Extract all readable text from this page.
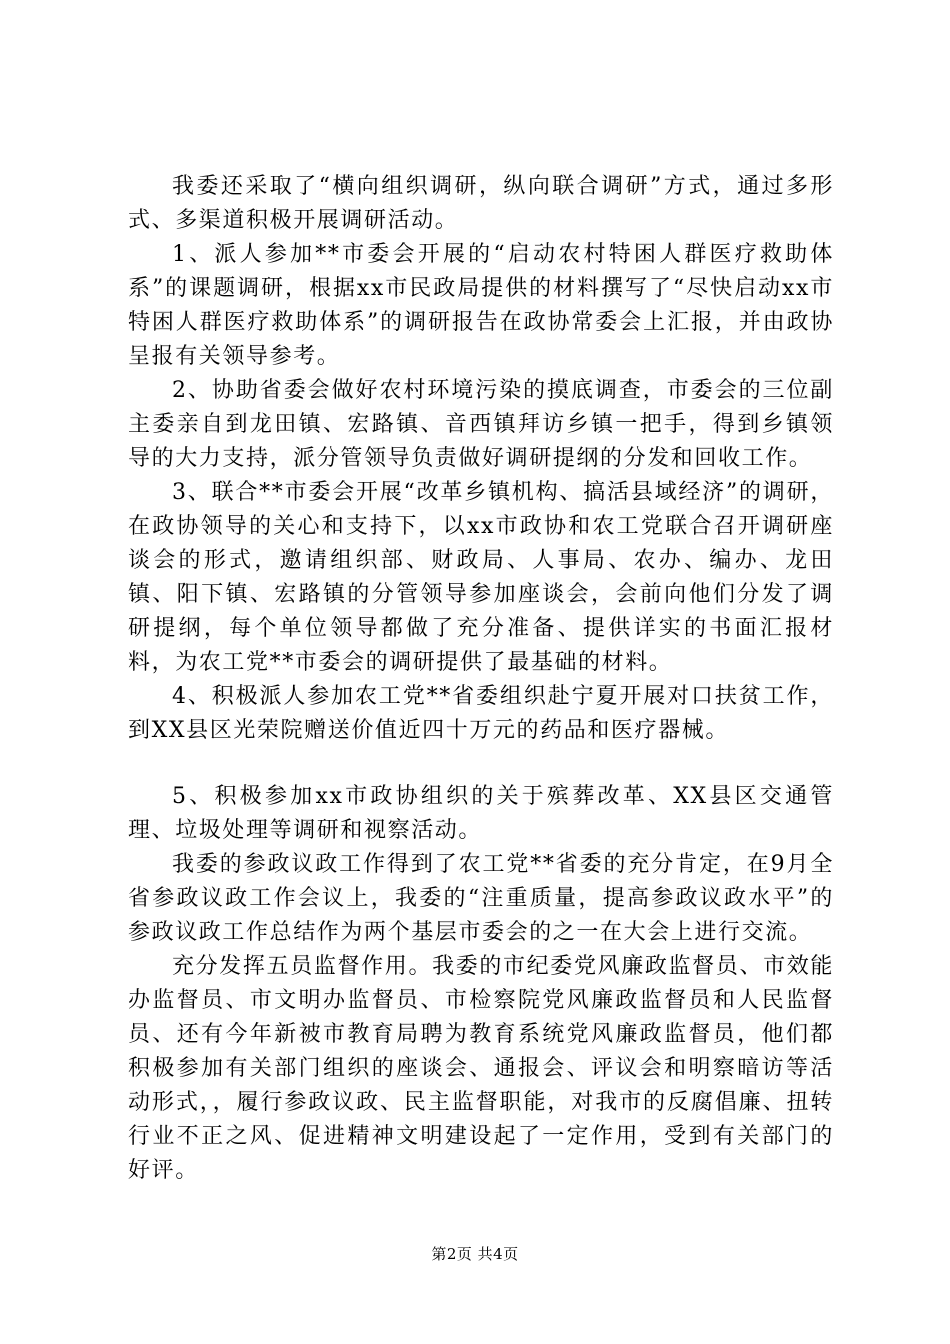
我委还采取了“横向组织调研，纵向联合调研”方式，通过多形式、多渠道积极开展调研活动。

1、派人参加**市委会开展的“启动农村特困人群医疗救助体系”的课题调研，根据xx市民政局提供的材料撰写了“尽快启动xx市特困人群医疗救助体系”的调研报告在政协常委会上汇报，并由政协呈报有关领导参考。

2、协助省委会做好农村环境污染的摸底调查，市委会的三位副主委亲自到龙田镇、宏路镇、音西镇拜访乡镇一把手，得到乡镇领导的大力支持，派分管领导负责做好调研提纲的分发和回收工作。

3、联合**市委会开展“改革乡镇机构、搞活县域经济”的调研，在政协领导的关心和支持下，以xx市政协和农工党联合召开调研座谈会的形式，邀请组织部、财政局、人事局、农办、编办、龙田镇、阳下镇、宏路镇的分管领导参加座谈会，会前向他们分发了调研提纲，每个单位领导都做了充分准备、提供详实的书面汇报材料，为农工党**市委会的调研提供了最基础的材料。

4、积极派人参加农工党**省委组织赴宁夏开展对口扶贫工作，到XX县区光荣院赠送价值近四十万元的药品和医疗器械。

5、积极参加xx市政协组织的关于殡葬改革、XX县区交通管理、垃圾处理等调研和视察活动。

我委的参政议政工作得到了农工党**省委的充分肯定，在9月全省参政议政工作会议上，我委的“注重质量，提高参政议政水平”的参政议政工作总结作为两个基层市委会的之一在大会上进行交流。

充分发挥五员监督作用。我委的市纪委党风廉政监督员、市效能办监督员、市文明办监督员、市检察院党风廉政监督员和人民监督员、还有今年新被市教育局聘为教育系统党风廉政监督员，他们都积极参加有关部门组织的座谈会、通报会、评议会和明察暗访等活动形式，，履行参政议政、民主监督职能，对我市的反腐倡廉、扭转行业不正之风、促进精神文明建设起了一定作用，受到有关部门的好评。

第2页 共4页
